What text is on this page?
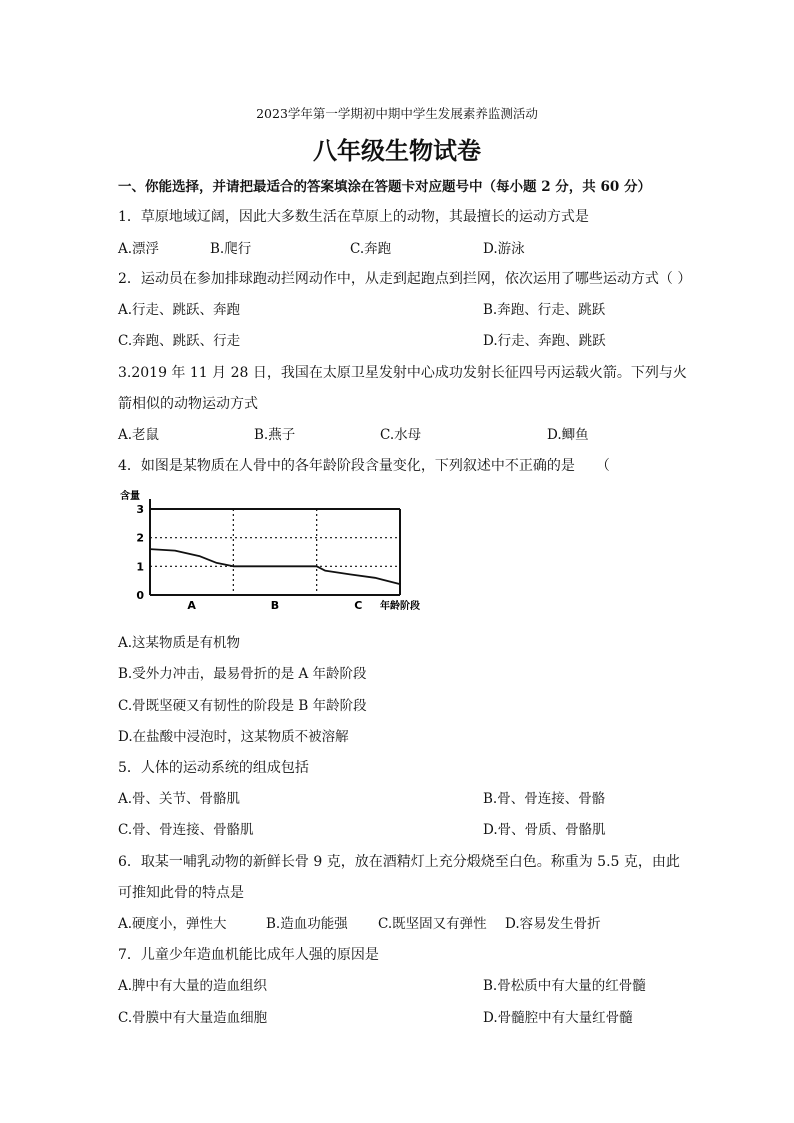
2023学年第一学期初中期中学生发展素养监测活动
八年级生物试卷
一、你能选择，并请把最适合的答案填涂在答题卡对应题号中（每小题 2 分，共 60 分）
1．草原地域辽阔，因此大多数生活在草原上的动物，其最擅长的运动方式是
A.漂浮	B.爬行	C.奔跑	D.游泳
2．运动员在参加排球跑动拦网动作中，从走到起跑点到拦网，依次运用了哪些运动方式（ ）
A.行走、跳跃、奔跑	B.奔跑、行走、跳跃
C.奔跑、跳跃、行走	D.行走、奔跑、跳跃
3.2019 年 11 月 28 日，我国在太原卫星发射中心成功发射长征四号丙运载火箭。下列与火
箭相似的动物运动方式
A.老鼠	B.燕子	C.水母	D.鲫鱼
4．如图是某物质在人骨中的各年龄阶段含量变化，下列叙述中不正确的是　　（
3
2
1
0
含量
A	B	C 年龄阶段
A.这某物质是有机物
B.受外力冲击，最易骨折的是 A 年龄阶段
C.骨既坚硬又有韧性的阶段是 B 年龄阶段
D.在盐酸中浸泡时，这某物质不被溶解
5．人体的运动系统的组成包括
A.骨、关节、骨骼肌	B.骨、骨连接、骨骼
C.骨、骨连接、骨骼肌	D.骨、骨质、骨骼肌
6．取某一哺乳动物的新鲜长骨 9 克，放在酒精灯上充分煅烧至白色。称重为 5.5 克，由此
可推知此骨的特点是
A.硬度小，弹性大	B.造血功能强 C.既坚固又有弹性 D.容易发生骨折
7．儿童少年造血机能比成年人强的原因是
A.脾中有大量的造血组织	B.骨松质中有大量的红骨髓
C.骨膜中有大量造血细胞	D.骨髓腔中有大量红骨髓
